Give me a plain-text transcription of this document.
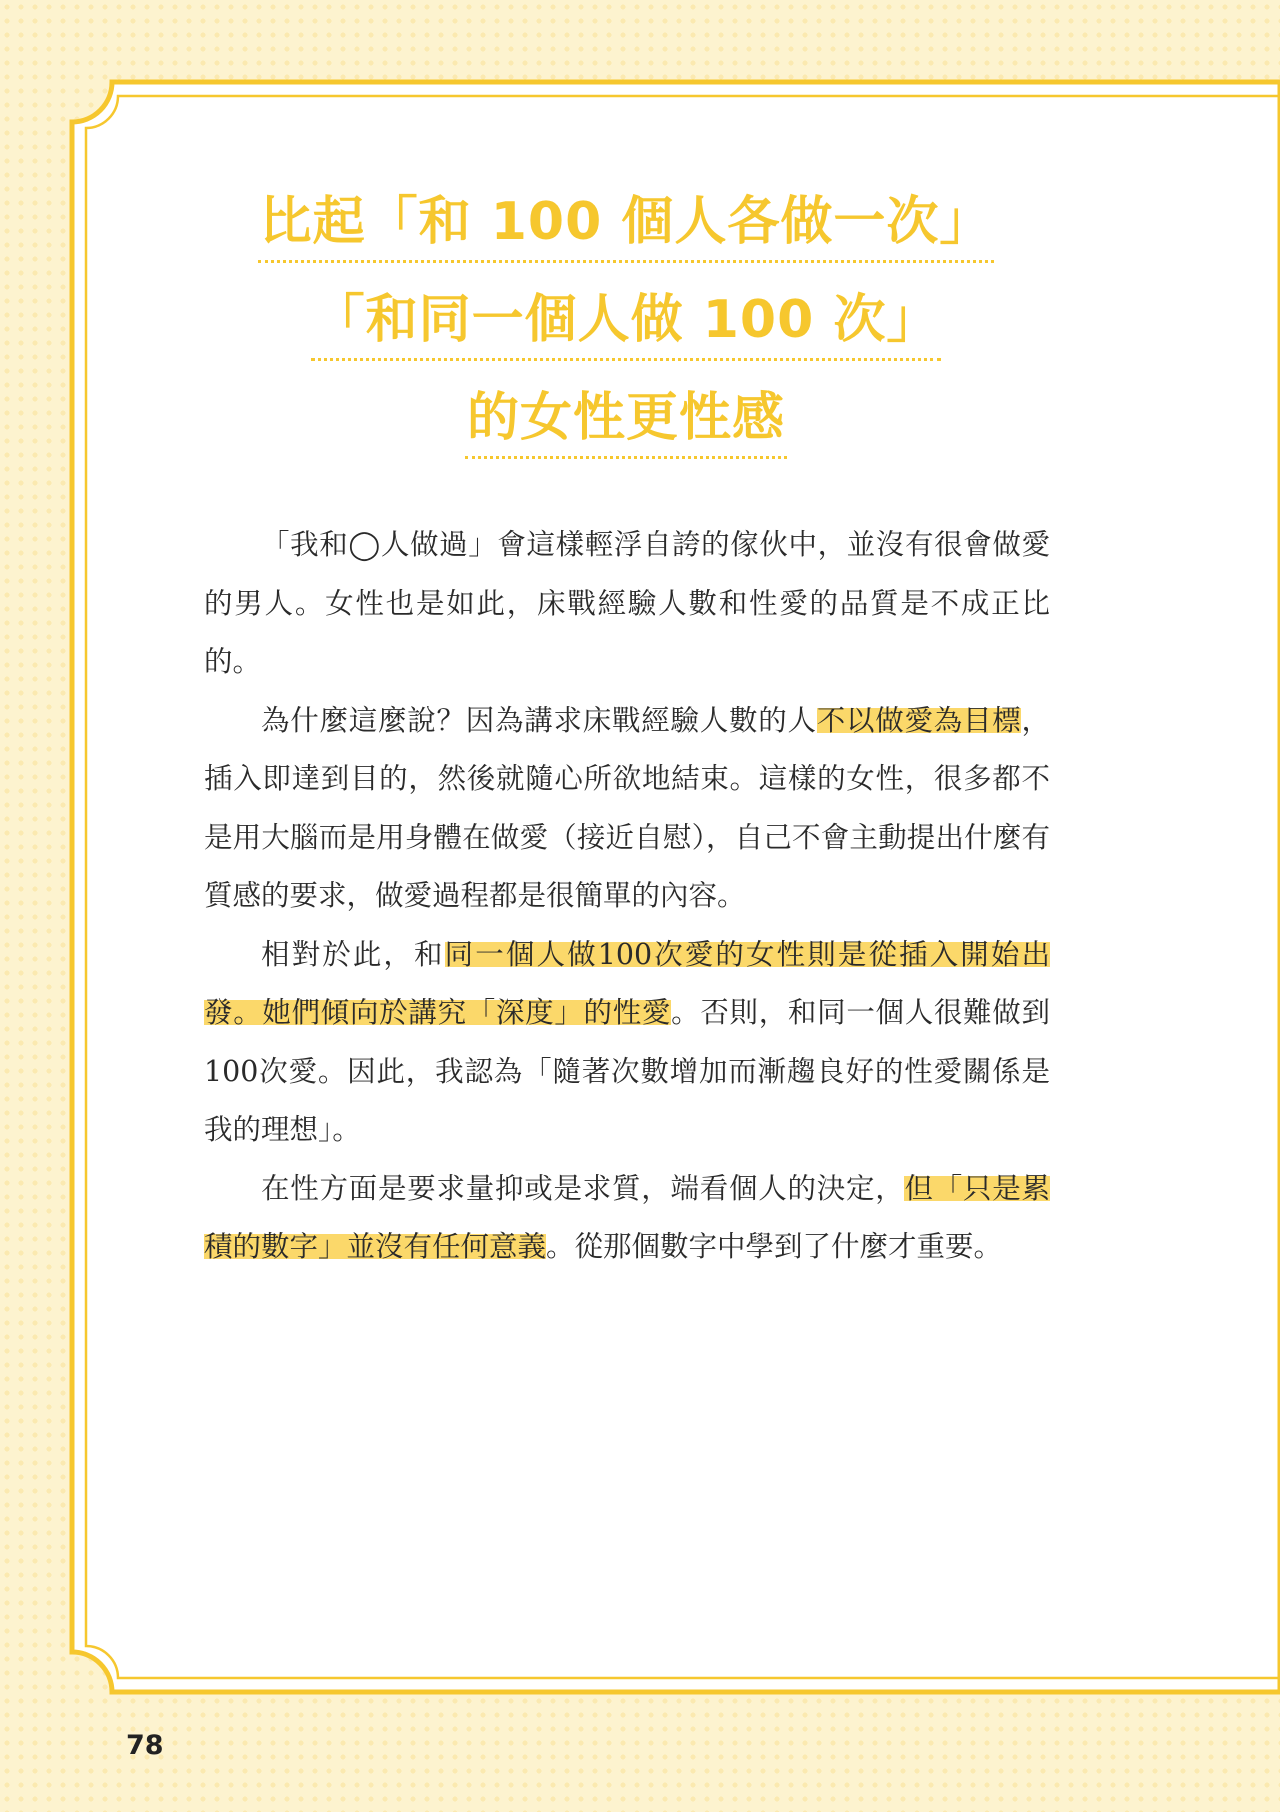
比起「和 100 個人各做一次」
「和同一個人做 100 次」
的女性更性感

「我和◯人做過」會這樣輕浮自誇的傢伙中，並沒有很會做愛的男人。女性也是如此，床戰經驗人數和性愛的品質是不成正比的。

為什麼這麼說？因為講求床戰經驗人數的人不以做愛為目標，插入即達到目的，然後就隨心所欲地結束。這樣的女性，很多都不是用大腦而是用身體在做愛（接近自慰），自己不會主動提出什麼有質感的要求，做愛過程都是很簡單的內容。

相對於此，和同一個人做100次愛的女性則是從插入開始出發。她們傾向於講究「深度」的性愛。否則，和同一個人很難做到100次愛。因此，我認為「隨著次數增加而漸趨良好的性愛關係是我的理想」。

在性方面是要求量抑或是求質，端看個人的決定，但「只是累積的數字」並沒有任何意義。從那個數字中學到了什麼才重要。

78
